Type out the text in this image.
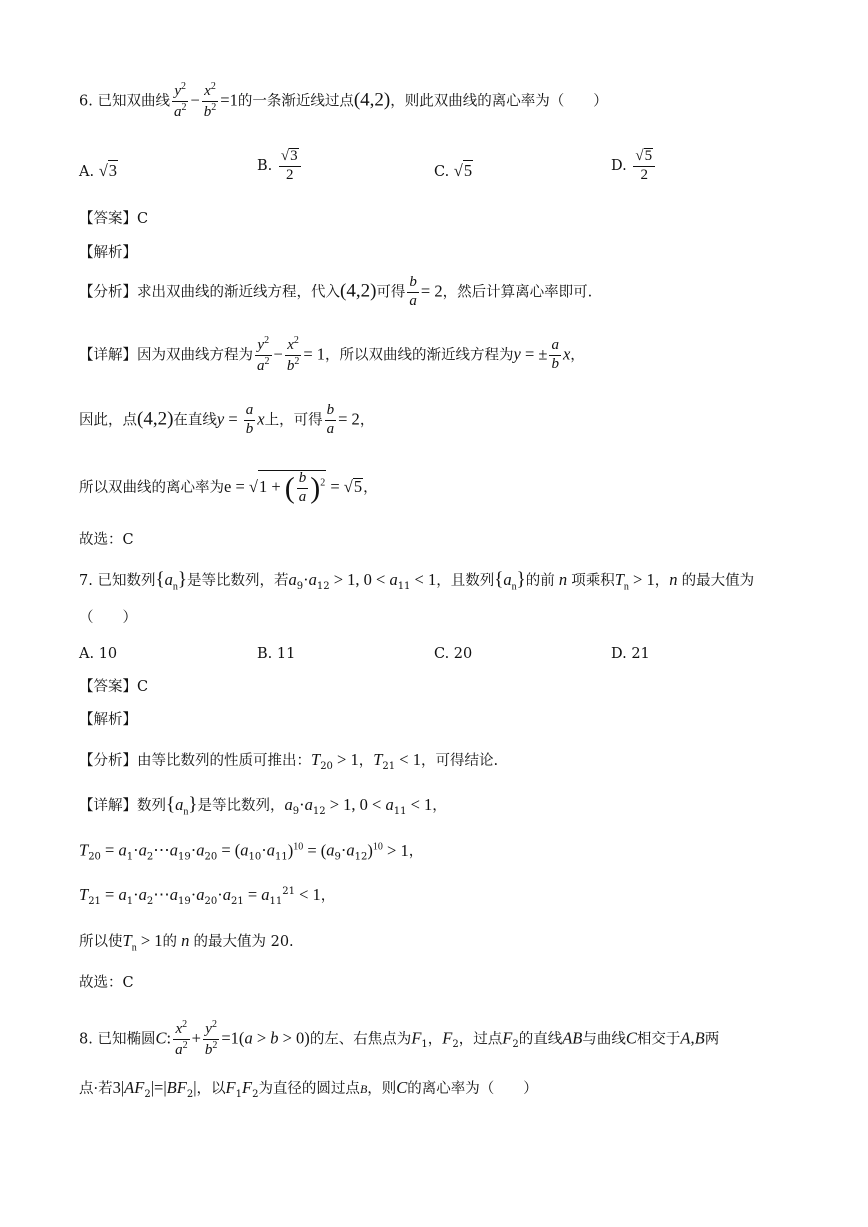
6. 已知双曲线 $\frac{y^2}{a^2} - \frac{x^2}{b^2} =1$的一条渐近线过点(4,2)，则此双曲线的离心率为（　　）
A. √3	B. $\frac{√3}{2}$	C. √5	D. $\frac{√5}{2}$
【答案】C
【解析】
【分析】求出双曲线的渐近线方程，代入(4,2)可得 $\frac{b}{a} = 2$，然后计算离心率即可.
【详解】因为双曲线方程为 $\frac{y^2}{a^2} - \frac{x^2}{b^2} = 1$，所以双曲线的渐近线方程为y = ± $\frac{a}{b}$ x，
因此，点(4,2)在直线$y = \frac{a}{b}$ x上，可得 $\frac{b}{a} = 2$，
所以双曲线的离心率为e = √1 + ( $\frac{b}{a} )^2 = √5$，
故选：C
7. 已知数列$\{a_n\}$是等比数列，若$a_9\cdot a_{12} > 1$, $0 < a_{11} < 1$，且数列$\{a_n\}$的前 n 项乘积$T_n > 1$，n 的最大值为
（　　）
A. 10	B. 11	C. 20	D. 21
【答案】C
【解析】
【分析】由等比数列的性质可推出：$T_{20} > 1$，$T_{21} < 1$，可得结论.
【详解】数列$\{a_n\}$是等比数列，$a_9\cdot a_{12} > 1$, $0 < a_{11} < 1$，
$T_{20}$ = $a_1\cdot a_2\cdots a_{19}\cdot a_{20} = (a_{10}\cdot a_{11})^{10} = (a_9\cdot a_{12})^{10} > 1$，
$T_{21}$ = $a_1\cdot a_2\cdots a_{19}\cdot a_{20}\cdot a_{21} = a_{11}^{21} < 1$，
所以使$T_n > 1$的 n 的最大值为 20.
故选：C
8. 已知椭圆C: $\frac{x^2}{a^2} + \frac{y^2}{b^2} =1(a > b > 0)$的左、右焦点为$F_1$，$F_2$，过点$F_2$的直线AB与曲线C相交于A,B两
点·若$3|AF_2|=|BF_2|$，以$F_1F_2$为直径的圆过点B，则C的离心率为（　　）
